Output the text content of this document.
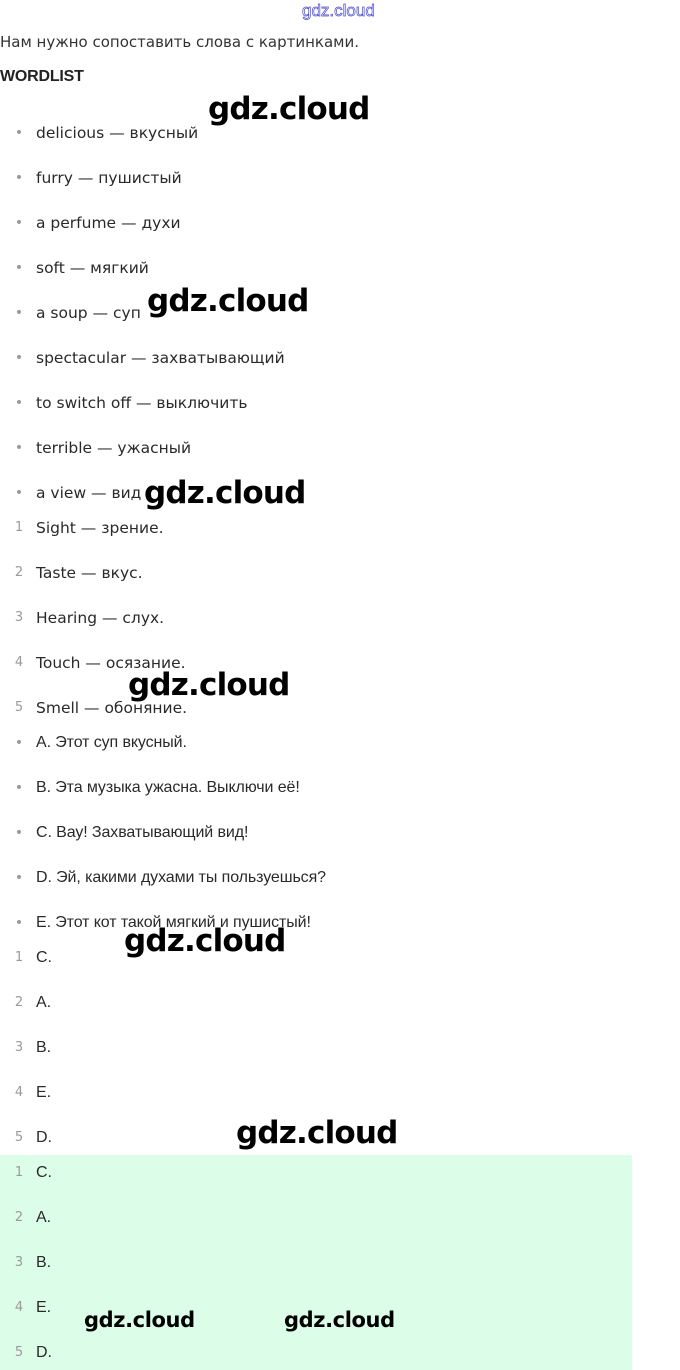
gdz.cloud
Нам нужно сопоставить слова с картинками.
WORDLIST
• delicious — вкусный
• furry — пушистый
• a perfume — духи
• soft — мягкий
• a soup — суп
• spectacular — захватывающий
• to switch off — выключить
• terrible — ужасный
• a view — вид
1 Sight — зрение.
2 Taste — вкус.
3 Hearing — слух.
4 Touch — осязание.
5 Smell — обоняние.
• A. Этот суп вкусный.
• B. Эта музыка ужасна. Выключи её!
• C. Вау! Захватывающий вид!
• D. Эй, какими духами ты пользуешься?
• E. Этот кот такой мягкий и пушистый!
1 C.
2 A.
3 B.
4 E.
5 D.
1 C.
2 A.
3 B.
4 E.
5 D.
gdz.cloud
gdz.cloud
gdz.cloud
gdz.cloud
gdz.cloud
gdz.cloud
gdz.cloud	gdz.cloud
